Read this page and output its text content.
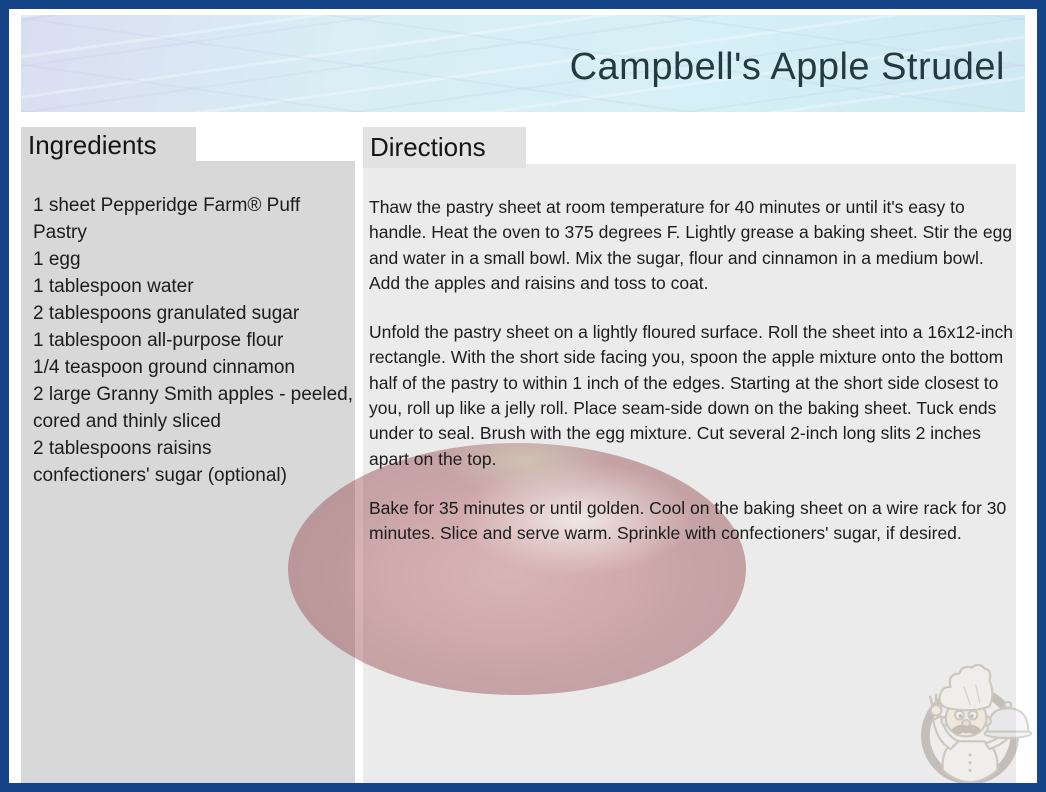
Campbell's Apple Strudel
Ingredients	Directions
1 sheet Pepperidge Farm® Puff Pastry
1 egg
1 tablespoon water
2 tablespoons granulated sugar
1 tablespoon all-purpose flour
1/4 teaspoon ground cinnamon
2 large Granny Smith apples - peeled, cored and thinly sliced
2 tablespoons raisins
confectioners' sugar (optional)

Thaw the pastry sheet at room temperature for 40 minutes or until it's easy to handle. Heat the oven to 375 degrees F. Lightly grease a baking sheet. Stir the egg and water in a small bowl. Mix the sugar, flour and cinnamon in a medium bowl. Add the apples and raisins and toss to coat.

Unfold the pastry sheet on a lightly floured surface. Roll the sheet into a 16x12-inch rectangle. With the short side facing you, spoon the apple mixture onto the bottom half of the pastry to within 1 inch of the edges. Starting at the short side closest to you, roll up like a jelly roll. Place seam-side down on the baking sheet. Tuck ends under to seal. Brush with the egg mixture. Cut several 2-inch long slits 2 inches apart on the top.

Bake for 35 minutes or until golden. Cool on the baking sheet on a wire rack for 30 minutes. Slice and serve warm. Sprinkle with confectioners' sugar, if desired.
